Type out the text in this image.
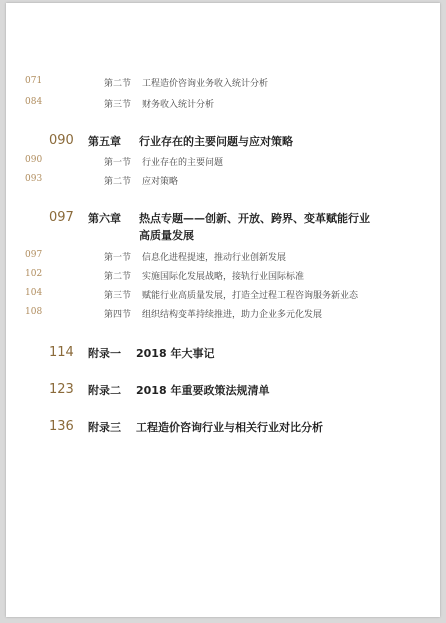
071	第二节 工程造价咨询业务收入统计分析
084	第三节 财务收入统计分析
090 第五章 行业存在的主要问题与应对策略
090	第一节 行业存在的主要问题
093	第二节 应对策略
097 第六章 热点专题——创新、开放、跨界、变革赋能行业
高质量发展
097	第一节 信息化进程提速，推动行业创新发展
102	第二节 实施国际化发展战略，接轨行业国际标准
104	第三节 赋能行业高质量发展，打造全过程工程咨询服务新业态
108	第四节 组织结构变革持续推进，助力企业多元化发展
114 附录一 2018 年大事记
123 附录二 2018 年重要政策法规清单
136 附录三 工程造价咨询行业与相关行业对比分析
